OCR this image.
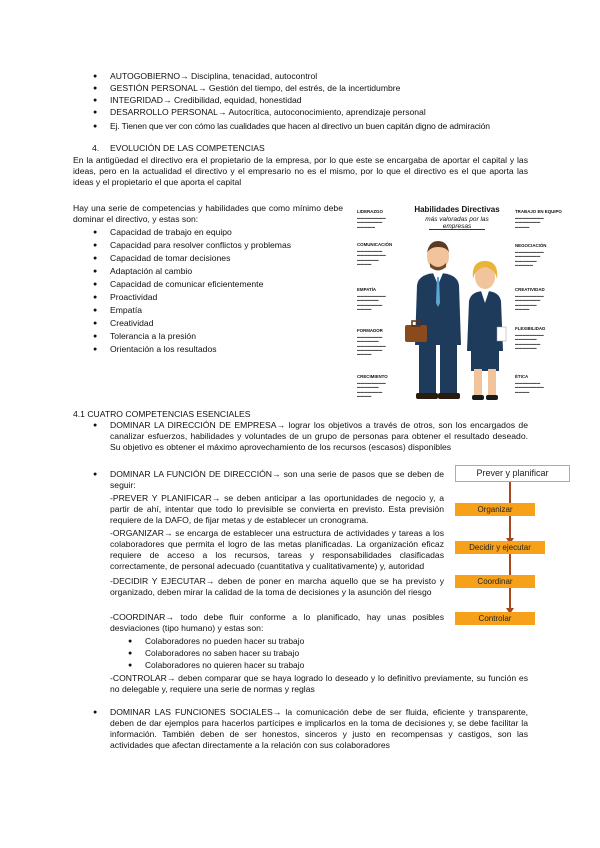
● AUTOGOBIERNO→ Disciplina, tenacidad, autocontrol
● GESTIÓN PERSONAL→ Gestión del tiempo, del estrés, de la incertidumbre
● INTEGRIDAD→ Credibilidad, equidad, honestidad
● DESARROLLO PERSONAL→ Autocrítica, autoconocimiento, aprendizaje personal
● Ej. Tienen que ver con cómo las cualidades que hacen al directivo un buen capitán digno de admiración
4. EVOLUCIÓN DE LAS COMPETENCIAS
En la antigüedad el directivo era el propietario de la empresa, por lo que este se encargaba de aportar el capital y las ideas, pero en la actualidad el directivo y el empresario no es el mismo, por lo que el directivo es el que aporta las ideas y el propietario el que aporta el capital
Hay una serie de competencias y habilidades que como mínimo debe dominar el directivo, y estas son:
● Capacidad de trabajo en equipo
● Capacidad para resolver conflictos y problemas
● Capacidad de tomar decisiones
● Adaptación al cambio
● Capacidad de comunicar eficientemente
● Proactividad
● Empatía
● Creatividad
● Tolerancia a la presión
● Orientación a los resultados
Habilidades Directivas
más valoradas por las empresas
LIDERAZGO
▬▬▬▬▬▬▬▬
▬▬▬▬▬▬▬
▬▬▬▬▬
COMUNICACIÓN
▬▬▬▬▬▬▬
▬▬▬▬▬▬▬▬
▬▬▬▬▬▬
▬▬▬▬
EMPATÍA
▬▬▬▬▬▬▬▬
▬▬▬▬▬▬
▬▬▬▬▬▬▬
▬▬▬▬
FORMADOR
▬▬▬▬▬▬▬
▬▬▬▬▬▬
▬▬▬▬▬▬▬▬
▬▬▬▬▬▬▬
▬▬▬▬
CRECIMIENTO
▬▬▬▬▬▬▬▬
▬▬▬▬▬▬
▬▬▬▬▬▬▬
▬▬▬▬
TRABAJO EN EQUIPO
▬▬▬▬▬▬▬▬
▬▬▬▬▬▬▬
▬▬▬▬
NEGOCIACIÓN
▬▬▬▬▬▬▬▬
▬▬▬▬▬▬▬
▬▬▬▬▬▬
▬▬▬▬▬
CREATIVIDAD
▬▬▬▬▬▬▬▬
▬▬▬▬▬▬▬
▬▬▬▬▬▬
▬▬▬▬
FLEXIBILIDAD
▬▬▬▬▬▬▬▬
▬▬▬▬▬▬
▬▬▬▬▬▬▬
▬▬▬▬▬▬
ÉTICA
▬▬▬▬▬▬▬
▬▬▬▬▬▬▬▬
▬▬▬▬
4.1 CUATRO COMPETENCIAS ESENCIALES
● DOMINAR LA DIRECCIÓN DE EMPRESA→ lograr los objetivos a través de otros, son los encargados de canalizar esfuerzos, habilidades y voluntades de un grupo de personas para obtener el resultado deseado. Su objetivo es obtener el máximo aprovechamiento de los recursos (escasos) disponibles
● DOMINAR LA FUNCIÓN DE DIRECCIÓN→ son una serie de pasos que se deben de seguir:
-PREVER Y PLANIFICAR→ se deben anticipar a las oportunidades de negocio y, a partir de ahí, intentar que todo lo previsible se convierta en previsto. Esta previsión requiere de la DAFO, de fijar metas y de establecer un cronograma.
-ORGANIZAR→ se encarga de establecer una estructura de actividades y tareas a los colaboradores que permita el logro de las metas planificadas. La organización eficaz requiere de acceso a los recursos, tareas y responsabilidades clasificadas correctamente, de personal adecuado (cuantitativa y cualitativamente) y, autoridad
-DECIDIR Y EJECUTAR→ deben de poner en marcha aquello que se ha previsto y organizado, deben mirar la calidad de la toma de decisiones y la asunción del riesgo
-COORDINAR→ todo debe fluir conforme a lo planificado, hay unas posibles desviaciones (tipo humano) y estas son:
● Colaboradores no pueden hacer su trabajo
● Colaboradores no saben hacer su trabajo
● Colaboradores no quieren hacer su trabajo
-CONTROLAR→ deben comparar que se haya logrado lo deseado y lo definitivo previamente, su función es no delegable y, requiere una serie de normas y reglas
● DOMINAR LAS FUNCIONES SOCIALES→ la comunicación debe de ser fluida, eficiente y transparente, deben de dar ejemplos para hacerlos partícipes e implicarlos en la toma de decisiones y, se debe facilitar la información. También deben de ser honestos, sinceros y justo en recompensas y castigos, son las actividades que afectan directamente a la relación con sus colaboradores
Prever y planificar
Organizar
Decidir y ejecutar
Coordinar
Controlar
